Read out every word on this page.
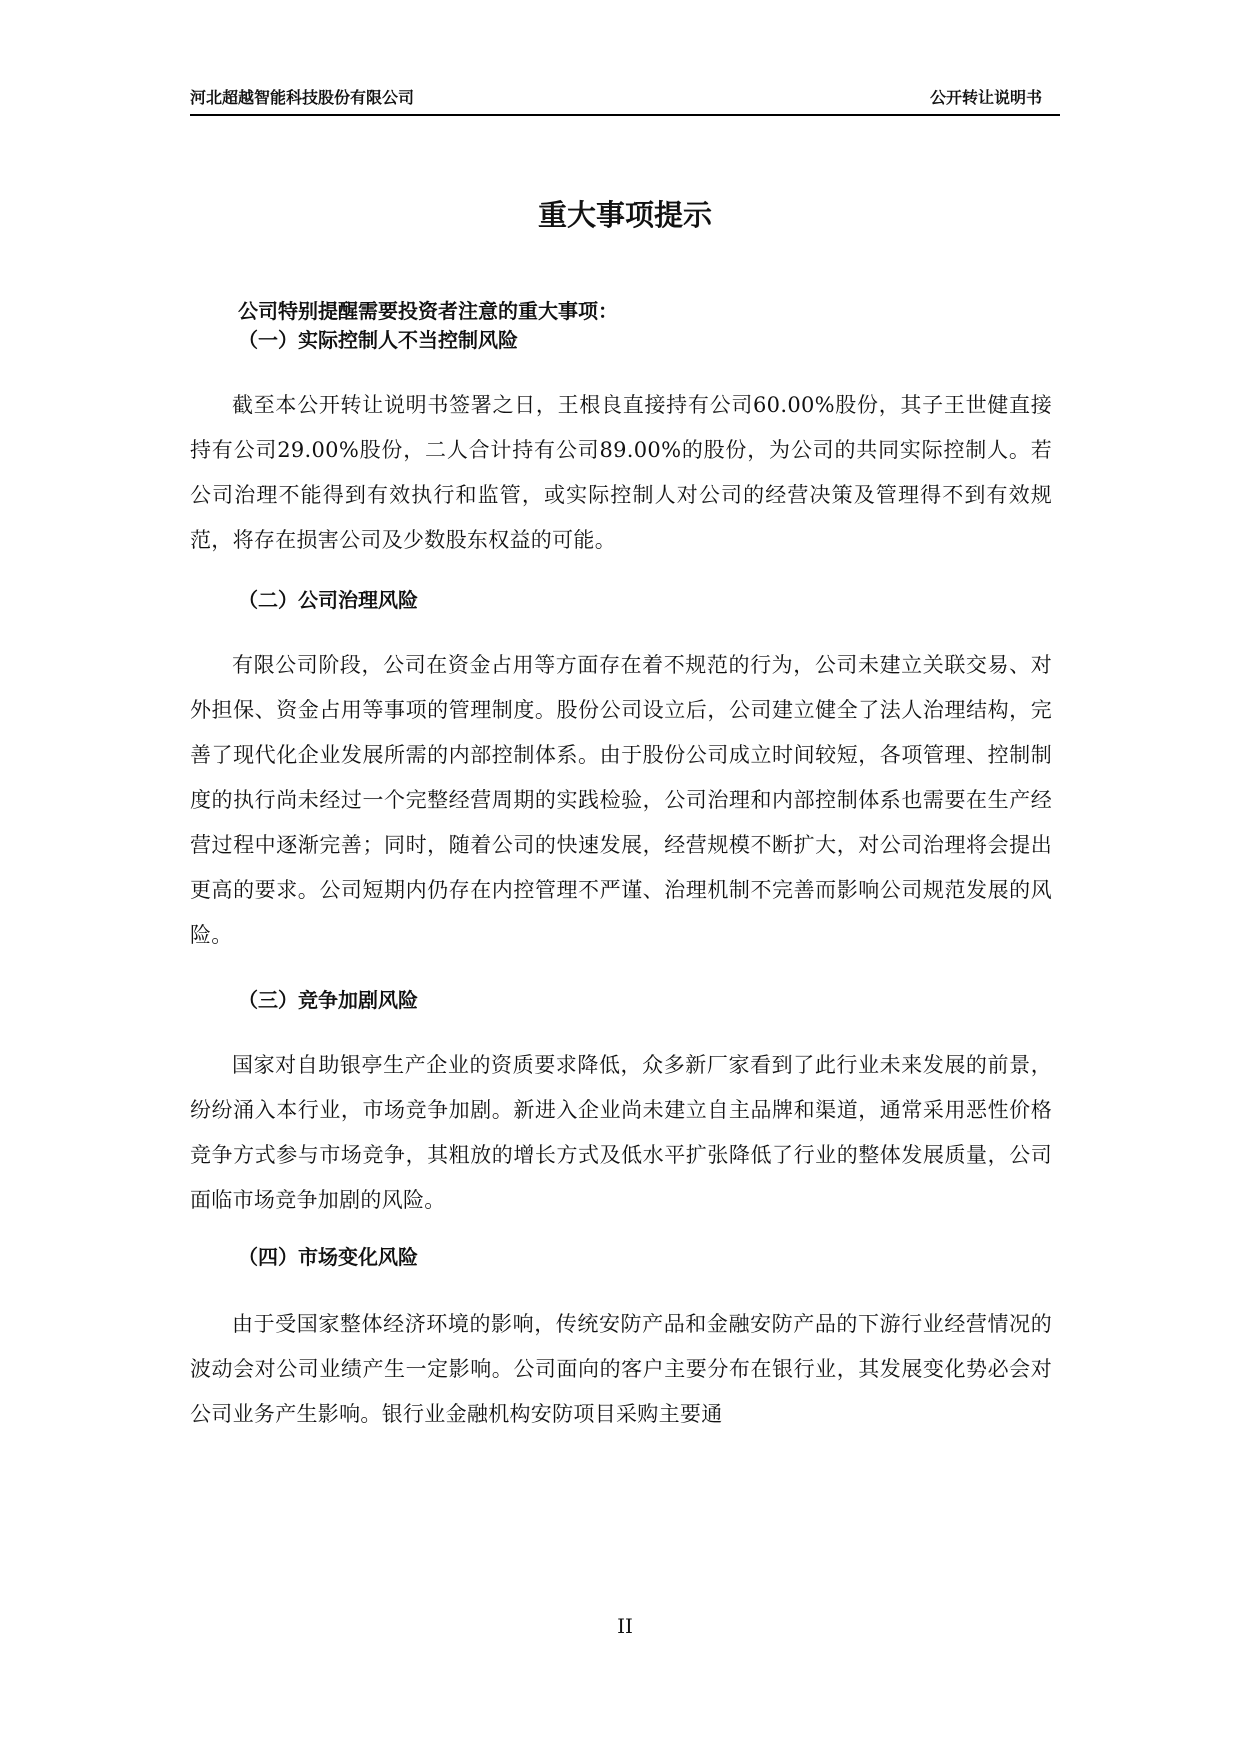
河北超越智能科技股份有限公司	公开转让说明书
重大事项提示
公司特别提醒需要投资者注意的重大事项：
（一）实际控制人不当控制风险
截至本公开转让说明书签署之日，王根良直接持有公司60.00%股份，其子王世健直接持有公司29.00%股份，二人合计持有公司89.00%的股份，为公司的共同实际控制人。若公司治理不能得到有效执行和监管，或实际控制人对公司的经营决策及管理得不到有效规范，将存在损害公司及少数股东权益的可能。
（二）公司治理风险
有限公司阶段，公司在资金占用等方面存在着不规范的行为，公司未建立关联交易、对外担保、资金占用等事项的管理制度。股份公司设立后，公司建立健全了法人治理结构，完善了现代化企业发展所需的内部控制体系。由于股份公司成立时间较短，各项管理、控制制度的执行尚未经过一个完整经营周期的实践检验，公司治理和内部控制体系也需要在生产经营过程中逐渐完善；同时，随着公司的快速发展，经营规模不断扩大，对公司治理将会提出更高的要求。公司短期内仍存在内控管理不严谨、治理机制不完善而影响公司规范发展的风险。
（三）竞争加剧风险
国家对自助银亭生产企业的资质要求降低，众多新厂家看到了此行业未来发展的前景，纷纷涌入本行业，市场竞争加剧。新进入企业尚未建立自主品牌和渠道，通常采用恶性价格竞争方式参与市场竞争，其粗放的增长方式及低水平扩张降低了行业的整体发展质量，公司面临市场竞争加剧的风险。
（四）市场变化风险
由于受国家整体经济环境的影响，传统安防产品和金融安防产品的下游行业经营情况的波动会对公司业绩产生一定影响。公司面向的客户主要分布在银行业，其发展变化势必会对公司业务产生影响。银行业金融机构安防项目采购主要通
II
